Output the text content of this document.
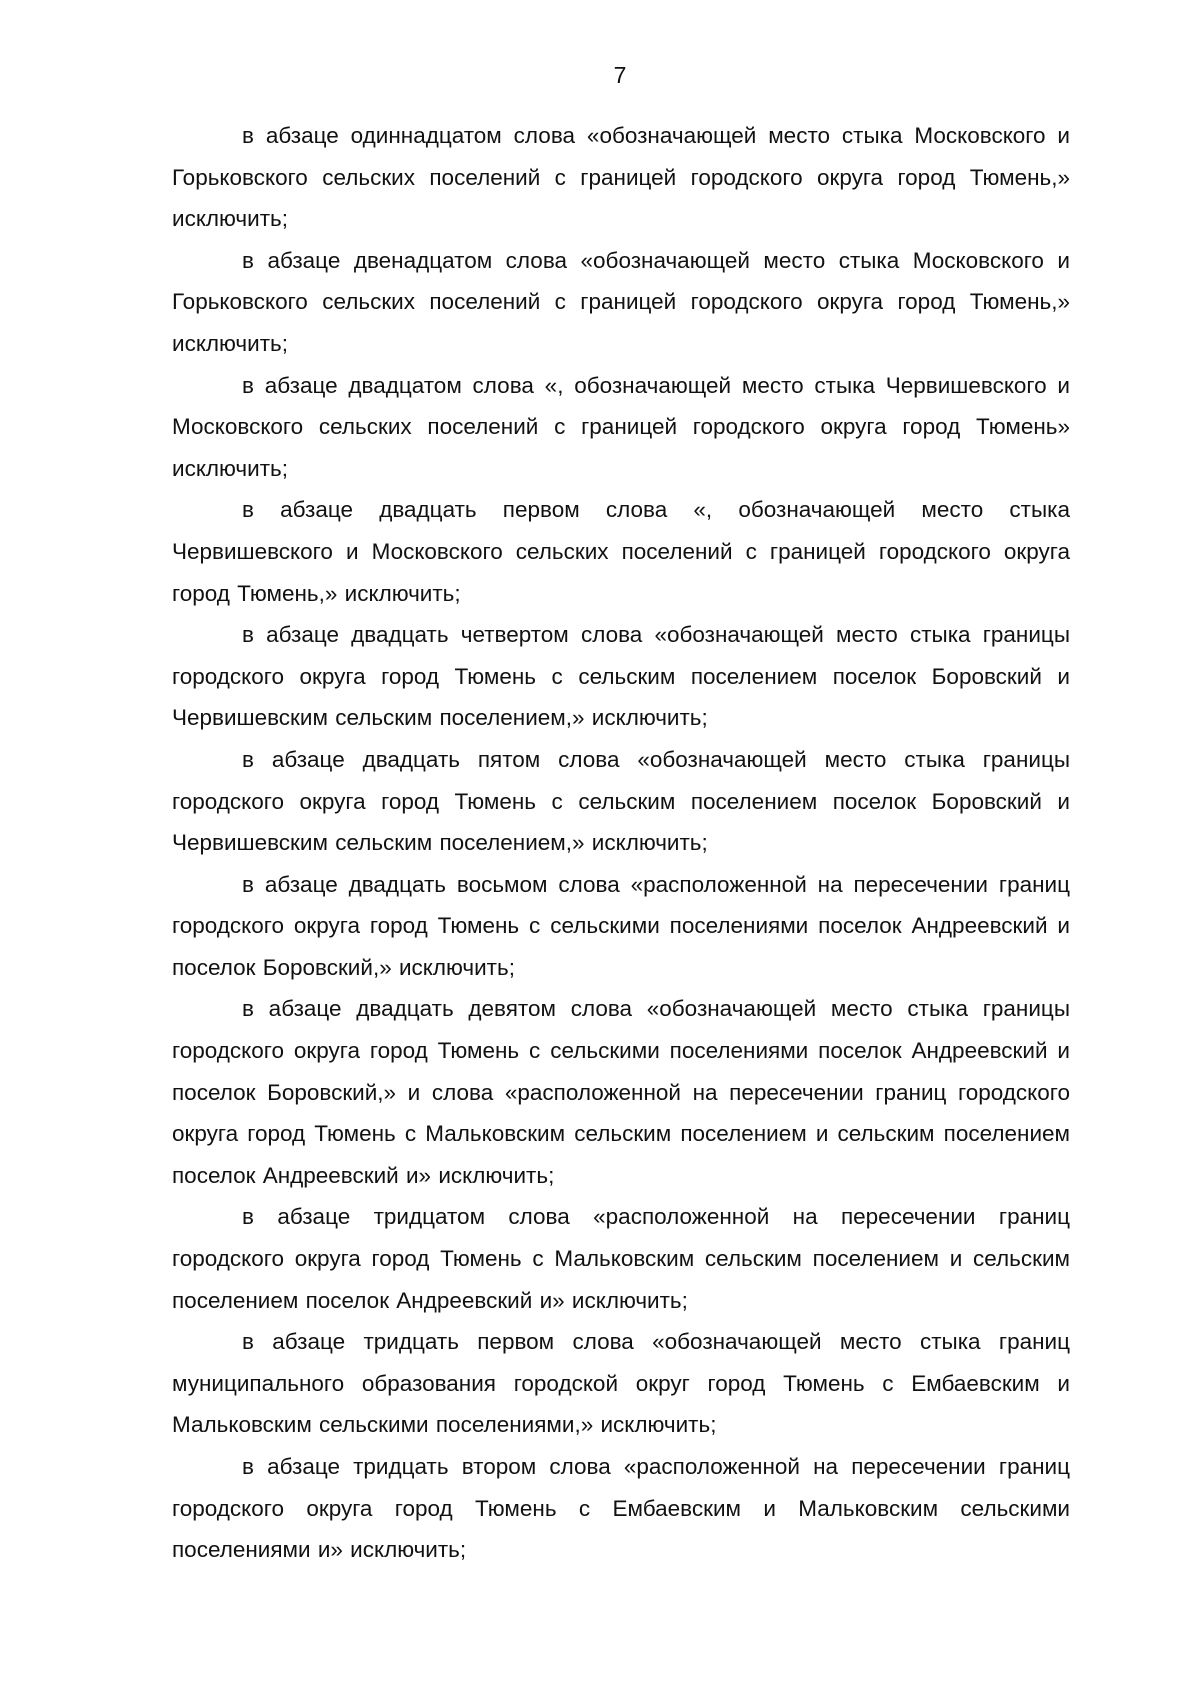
7

в абзаце одиннадцатом слова «обозначающей место стыка Московского и Горьковского сельских поселений с границей городского округа город Тюмень,» исключить;

в абзаце двенадцатом слова «обозначающей место стыка Московского и Горьковского сельских поселений с границей городского округа город Тюмень,» исключить;

в абзаце двадцатом слова «, обозначающей место стыка Червишевского и Московского сельских поселений с границей городского округа город Тюмень» исключить;

в абзаце двадцать первом слова «, обозначающей место стыка Червишевского и Московского сельских поселений с границей городского округа город Тюмень,» исключить;

в абзаце двадцать четвертом слова «обозначающей место стыка границы городского округа город Тюмень с сельским поселением поселок Боровский и Червишевским сельским поселением,» исключить;

в абзаце двадцать пятом слова «обозначающей место стыка границы городского округа город Тюмень с сельским поселением поселок Боровский и Червишевским сельским поселением,» исключить;

в абзаце двадцать восьмом слова «расположенной на пересечении границ городского округа город Тюмень с сельскими поселениями поселок Андреевский и поселок Боровский,» исключить;

в абзаце двадцать девятом слова «обозначающей место стыка границы городского округа город Тюмень с сельскими поселениями поселок Андреевский и поселок Боровский,» и слова «расположенной на пересечении границ городского округа город Тюмень с Мальковским сельским поселением и сельским поселением поселок Андреевский и» исключить;

в абзаце тридцатом слова «расположенной на пересечении границ городского округа город Тюмень с Мальковским сельским поселением и сельским поселением поселок Андреевский и» исключить;

в абзаце тридцать первом слова «обозначающей место стыка границ муниципального образования городской округ город Тюмень с Ембаевским и Мальковским сельскими поселениями,» исключить;

в абзаце тридцать втором слова «расположенной на пересечении границ городского округа город Тюмень с Ембаевским и Мальковским сельскими поселениями и» исключить;
